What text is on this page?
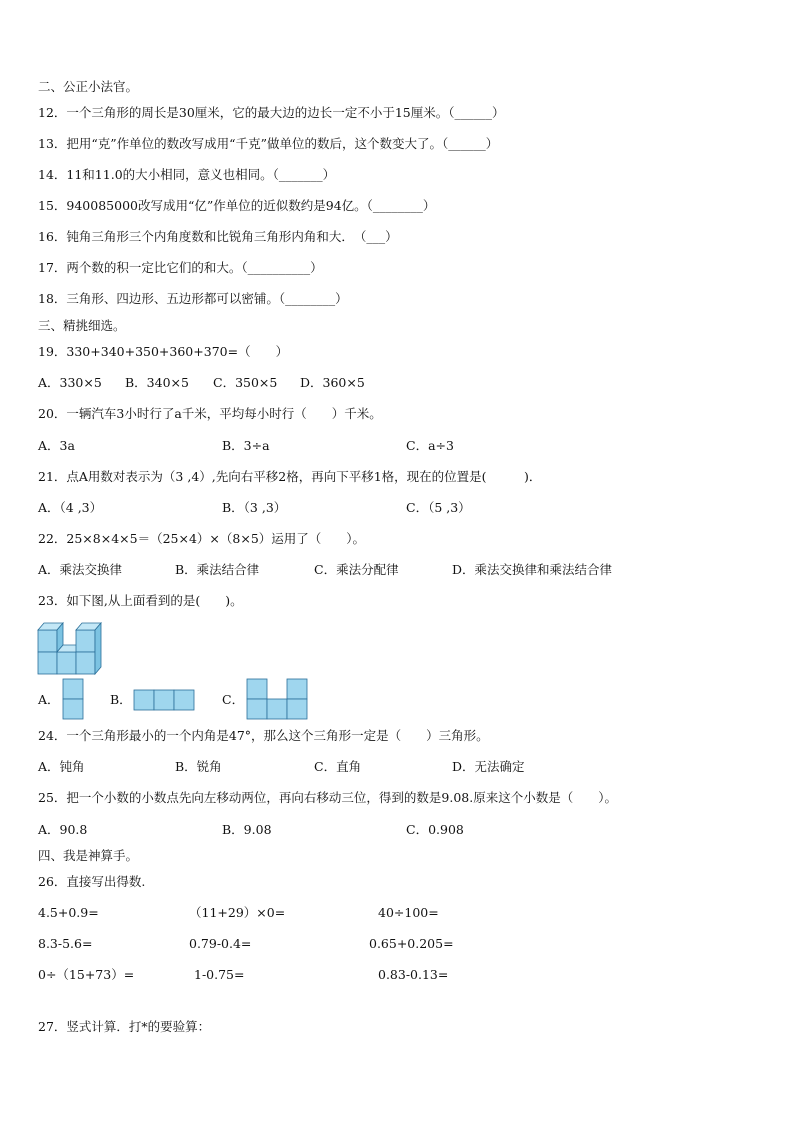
二、公正小法官。
12．一个三角形的周长是30厘米，它的最大边的边长一定不小于15厘米。（______）
13．把用“克”作单位的数改写成用“千克”做单位的数后，这个数变大了。（______）
14．11和11.0的大小相同，意义也相同。（_______）
15．940085000改写成用“亿”作单位的近似数约是94亿。（________）
16．钝角三角形三个内角度数和比锐角三角形内角和大．　（___）
17．两个数的积一定比它们的和大。（__________）
18．三角形、四边形、五边形都可以密铺。（________）
三、精挑细选。
19．330+340+350+360+370=（　　）
A．330×5 B．340×5 C．350×5 D．360×5
20．一辆汽车3小时行了a千米，平均每小时行（　　）千米。
A．3a	B．3÷a	C．a÷3
21．点A用数对表示为（3 ,4）,先向右平移2格，再向下平移1格，现在的位置是(　　　)．
A．（4 ,3）	B．（3 ,3）	C．（5 ,3）
22．25×8×4×5＝（25×4）×（8×5）运用了（　　）。
A．乘法交换律	B．乘法结合律	C．乘法分配律	D．乘法交换律和乘法结合律
23．如下图,从上面看到的是(　　)。
A．	B．	C．
24．一个三角形最小的一个内角是47°，那么这个三角形一定是（　　）三角形。
A．钝角	B．锐角	C．直角	D．无法确定
25．把一个小数的小数点先向左移动两位，再向右移动三位，得到的数是9.08.原来这个小数是（　　）。
A．90.8	B．9.08	C．0.908
四、我是神算手。
26．直接写出得数.
4.5+0.9=	（11+29）×0=	40÷100=
8.3-5.6=	0.79-0.4=	0.65+0.205=
0÷（15+73）=	1-0.75=	0.83-0.13=
27．竖式计算．打*的要验算：
